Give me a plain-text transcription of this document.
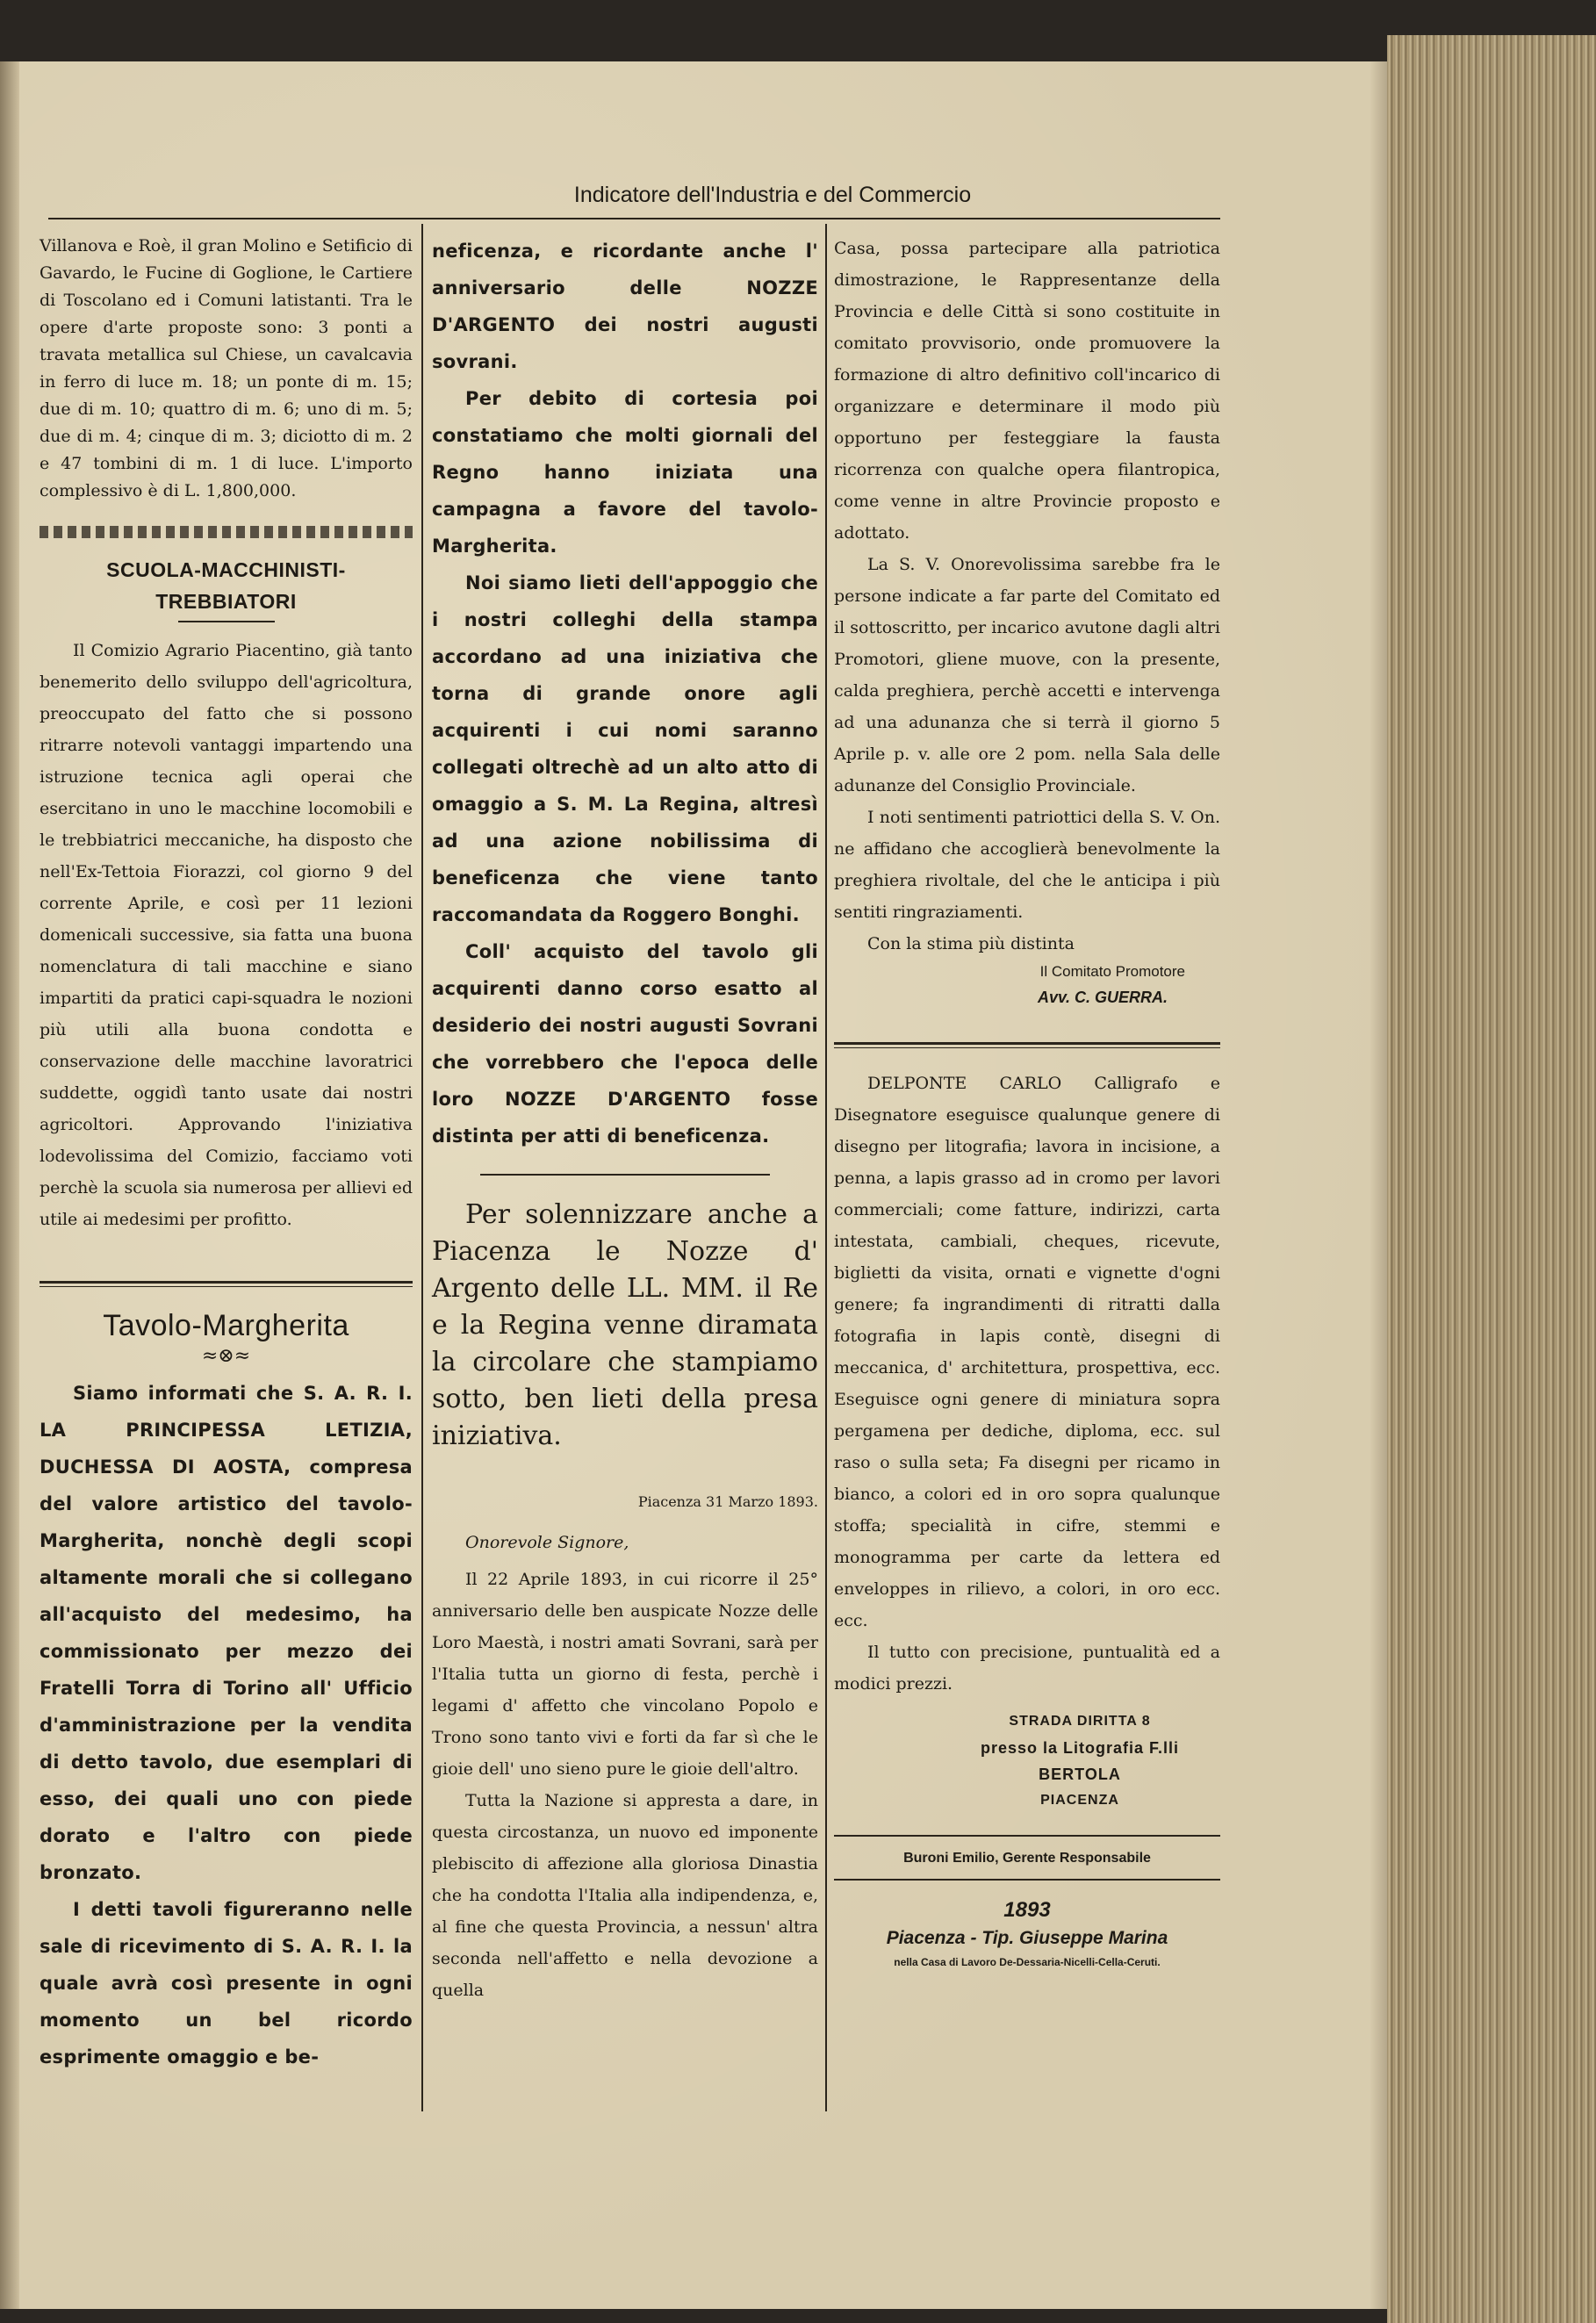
Indicatore dell'Industria e del Commercio

Villanova e Roè, il gran Molino e Setificio di Gavardo, le Fucine di Goglione, le Cartiere di Toscolano ed i Comuni latistanti. Tra le opere d'arte proposte sono: 3 ponti a travata metallica sul Chiese, un cavalcavia in ferro di luce m. 18; un ponte di m. 15; due di m. 10; quattro di m. 6; uno di m. 5; due di m. 4; cinque di m. 3; diciotto di m. 2 e 47 tombini di m. 1 di luce. L'importo complessivo è di L. 1,800,000.

SCUOLA-MACCHINISTI-TREBBIATORI

Il Comizio Agrario Piacentino, già tanto benemerito dello sviluppo dell'agricoltura, preoccupato del fatto che si possono ritrarre notevoli vantaggi impartendo una istruzione tecnica agli operai che esercitano in uno le macchine locomobili e le trebbiatrici meccaniche, ha disposto che nell'Ex-Tettoia Fiorazzi, col giorno 9 del corrente Aprile, e così per 11 lezioni domenicali successive, sia fatta una buona nomenclatura di tali macchine e siano impartiti da pratici capi-squadra le nozioni più utili alla buona condotta e conservazione delle macchine lavoratrici suddette, oggidì tanto usate dai nostri agricoltori. Approvando l'iniziativa lodevolissima del Comizio, facciamo voti perchè la scuola sia numerosa per allievi ed utile ai medesimi per profitto.

Tavolo-Margherita

≈⊗≈

Siamo informati che S. A. R. I. LA PRINCIPESSA LETIZIA, DUCHESSA DI AOSTA, compresa del valore artistico del tavolo-Margherita, nonchè degli scopi altamente morali che si collegano all'acquisto del medesimo, ha commissionato per mezzo dei Fratelli Torra di Torino all' Ufficio d'amministrazione per la vendita di detto tavolo, due esemplari di esso, dei quali uno con piede dorato e l'altro con piede bronzato.

I detti tavoli figureranno nelle sale di ricevimento di S. A. R. I. la quale avrà così presente in ogni momento un bel ricordo esprimente omaggio e be-

neficenza, e ricordante anche l' anniversario delle NOZZE D'ARGENTO dei nostri augusti sovrani.

Per debito di cortesia poi constatiamo che molti giornali del Regno hanno iniziata una campagna a favore del tavolo-Margherita.

Noi siamo lieti dell'appoggio che i nostri colleghi della stampa accordano ad una iniziativa che torna di grande onore agli acquirenti i cui nomi saranno collegati oltrechè ad un alto atto di omaggio a S. M. La Regina, altresì ad una azione nobilissima di beneficenza che viene tanto raccomandata da Roggero Bonghi.

Coll' acquisto del tavolo gli acquirenti danno corso esatto al desiderio dei nostri augusti Sovrani che vorrebbero che l'epoca delle loro NOZZE D'ARGENTO fosse distinta per atti di beneficenza.

Per solennizzare anche a Piacenza le Nozze d' Argento delle LL. MM. il Re e la Regina venne diramata la circolare che stampiamo sotto, ben lieti della presa iniziativa.

Piacenza 31 Marzo 1893.

Onorevole Signore,

Il 22 Aprile 1893, in cui ricorre il 25° anniversario delle ben auspicate Nozze delle Loro Maestà, i nostri amati Sovrani, sarà per l'Italia tutta un giorno di festa, perchè i legami d' affetto che vincolano Popolo e Trono sono tanto vivi e forti da far sì che le gioie dell' uno sieno pure le gioie dell'altro.

Tutta la Nazione si appresta a dare, in questa circostanza, un nuovo ed imponente plebiscito di affezione alla gloriosa Dinastia che ha condotta l'Italia alla indipendenza, e, al fine che questa Provincia, a nessun' altra seconda nell'affetto e nella devozione a quella

Casa, possa partecipare alla patriotica dimostrazione, le Rappresentanze della Provincia e delle Città si sono costituite in comitato provvisorio, onde promuovere la formazione di altro definitivo coll'incarico di organizzare e determinare il modo più opportuno per festeggiare la fausta ricorrenza con qualche opera filantropica, come venne in altre Provincie proposto e adottato.

La S. V. Onorevolissima sarebbe fra le persone indicate a far parte del Comitato ed il sottoscritto, per incarico avutone dagli altri Promotori, gliene muove, con la presente, calda preghiera, perchè accetti e intervenga ad una adunanza che si terrà il giorno 5 Aprile p. v. alle ore 2 pom. nella Sala delle adunanze del Consiglio Provinciale.

I noti sentimenti patriottici della S. V. On. ne affidano che accoglierà benevolmente la preghiera rivoltale, del che le anticipa i più sentiti ringraziamenti.

Con la stima più distinta

Il Comitato Promotore

Avv. C. GUERRA.

DELPONTE CARLO Calligrafo e Disegnatore eseguisce qualunque genere di disegno per litografia; lavora in incisione, a penna, a lapis grasso ad in cromo per lavori commerciali; come fatture, indirizzi, carta intestata, cambiali, cheques, ricevute, biglietti da visita, ornati e vignette d'ogni genere; fa ingrandimenti di ritratti dalla fotografia in lapis contè, disegni di meccanica, d' architettura, prospettiva, ecc. Eseguisce ogni genere di miniatura sopra pergamena per dediche, diploma, ecc. sul raso o sulla seta; Fa disegni per ricamo in bianco, a colori ed in oro sopra qualunque stoffa; specialità in cifre, stemmi e monogramma per carte da lettera ed enveloppes in rilievo, a colori, in oro ecc. ecc.

Il tutto con precisione, puntualità ed a modici prezzi.

STRADA DIRITTA 8

presso la Litografia F.lli BERTOLA

PIACENZA

Buroni Emilio, Gerente Responsabile

1893

Piacenza - Tip. Giuseppe Marina

nella Casa di Lavoro De-Dessaria-Nicelli-Cella-Ceruti.
